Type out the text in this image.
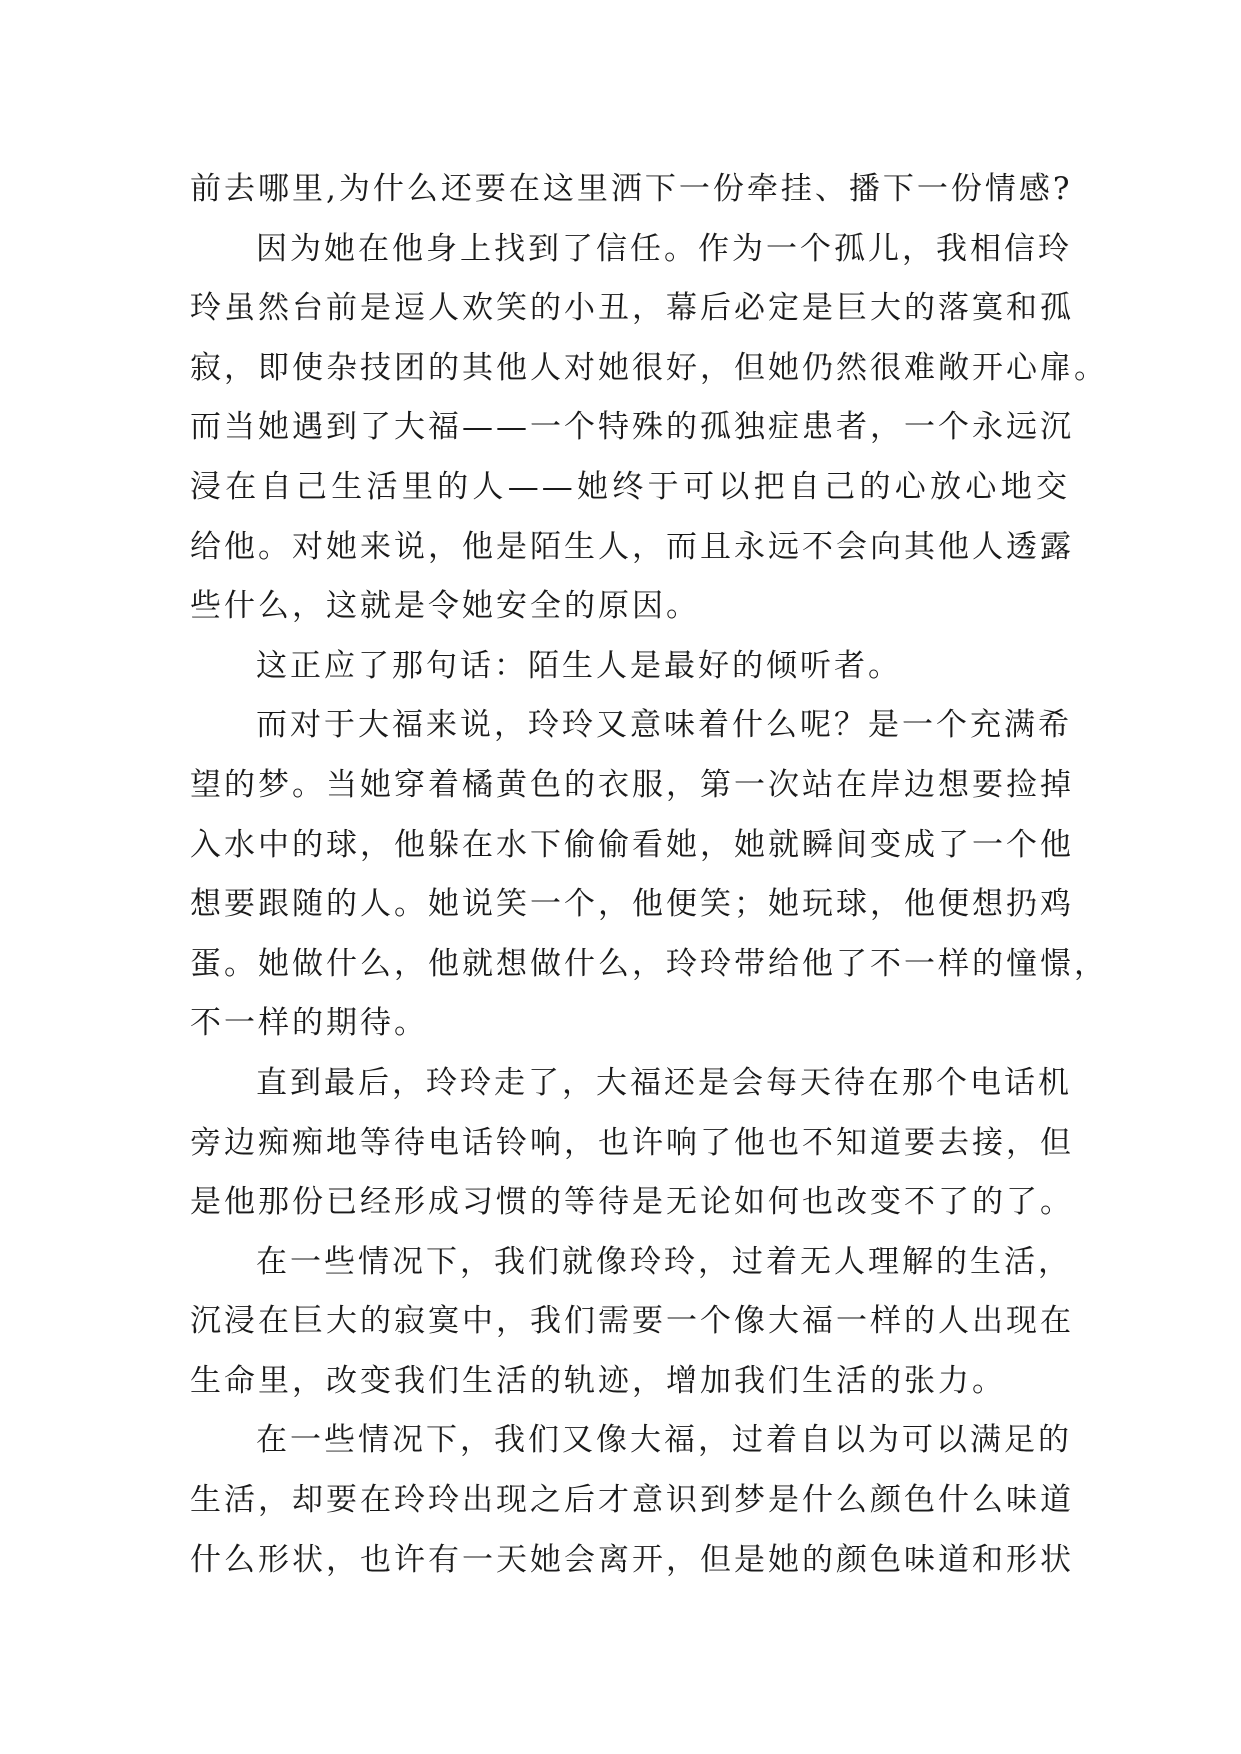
前去哪里,为什么还要在这里洒下一份牵挂、播下一份情感?
因为她在他身上找到了信任。作为一个孤儿，我相信玲
玲虽然台前是逗人欢笑的小丑，幕后必定是巨大的落寞和孤
寂，即使杂技团的其他人对她很好，但她仍然很难敞开心扉。
而当她遇到了大福——一个特殊的孤独症患者，一个永远沉
浸在自己生活里的人——她终于可以把自己的心放心地交
给他。对她来说，他是陌生人，而且永远不会向其他人透露
些什么，这就是令她安全的原因。
这正应了那句话：陌生人是最好的倾听者。
而对于大福来说，玲玲又意味着什么呢？是一个充满希
望的梦。当她穿着橘黄色的衣服，第一次站在岸边想要捡掉
入水中的球，他躲在水下偷偷看她，她就瞬间变成了一个他
想要跟随的人。她说笑一个，他便笑；她玩球，他便想扔鸡
蛋。她做什么，他就想做什么，玲玲带给他了不一样的憧憬，
不一样的期待。
直到最后，玲玲走了，大福还是会每天待在那个电话机
旁边痴痴地等待电话铃响，也许响了他也不知道要去接，但
是他那份已经形成习惯的等待是无论如何也改变不了的了。
在一些情况下，我们就像玲玲，过着无人理解的生活，
沉浸在巨大的寂寞中，我们需要一个像大福一样的人出现在
生命里，改变我们生活的轨迹，增加我们生活的张力。
在一些情况下，我们又像大福，过着自以为可以满足的
生活，却要在玲玲出现之后才意识到梦是什么颜色什么味道
什么形状，也许有一天她会离开，但是她的颜色味道和形状
